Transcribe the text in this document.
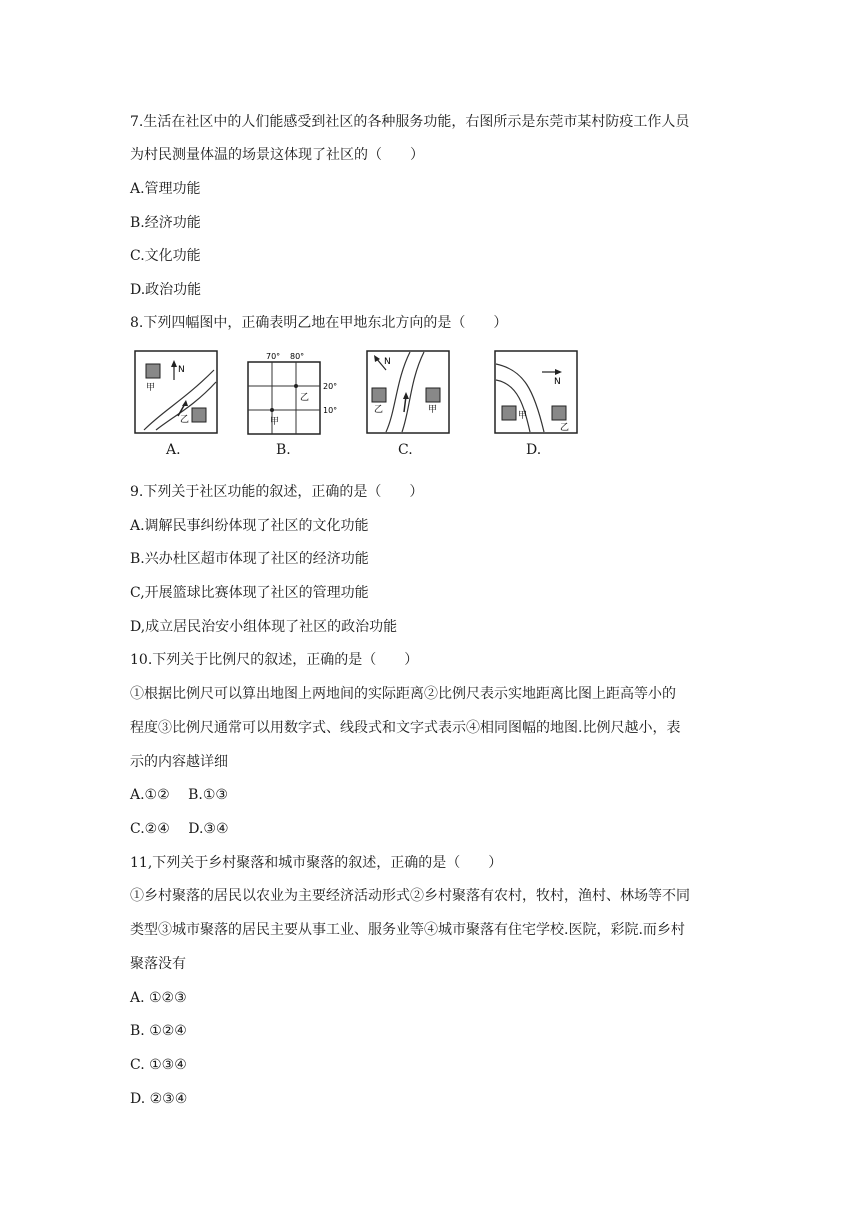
7.生活在社区中的人们能感受到社区的各种服务功能，右图所示是东莞市某村防疫工作人员
为村民测量体温的场景这体现了社区的（　　）
A.管理功能
B.经济功能
C.文化功能
D.政治功能
8.下列四幅图中，正确表明乙地在甲地东北方向的是（　　）
N
甲
乙
A.
70° 80°
20°
10°
甲
乙
B.
N
甲
乙
C.
N
甲
乙
D.
9.下列关于社区功能的叙述，正确的是（　　）
A.调解民事纠纷体现了社区的文化功能
B.兴办杜区超市体现了社区的经济功能
C,开展篮球比赛体现了社区的管理功能
D,成立居民治安小组体现了社区的政治功能
10.下列关于比例尺的叙述，正确的是（　　）
①根据比例尺可以算出地图上两地间的实际距离②比例尺表示实地距离比图上距高等小的
程度③比例尺通常可以用数字式、线段式和文字式表示④相同图幅的地图.比例尺越小，表
示的内容越详细
A.①②　 B.①③
C.②④　 D.③④
11,下列关于乡村聚落和城市聚落的叙述，正确的是（　　）
①乡村聚落的居民以农业为主要经济活动形式②乡村聚落有农村，牧村，渔村、林场等不同
类型③城市聚落的居民主要从事工业、服务业等④城市聚落有住宅学校.医院，彩院.而乡村
聚落没有
A. ①②③
B. ①②④
C. ①③④
D. ②③④
